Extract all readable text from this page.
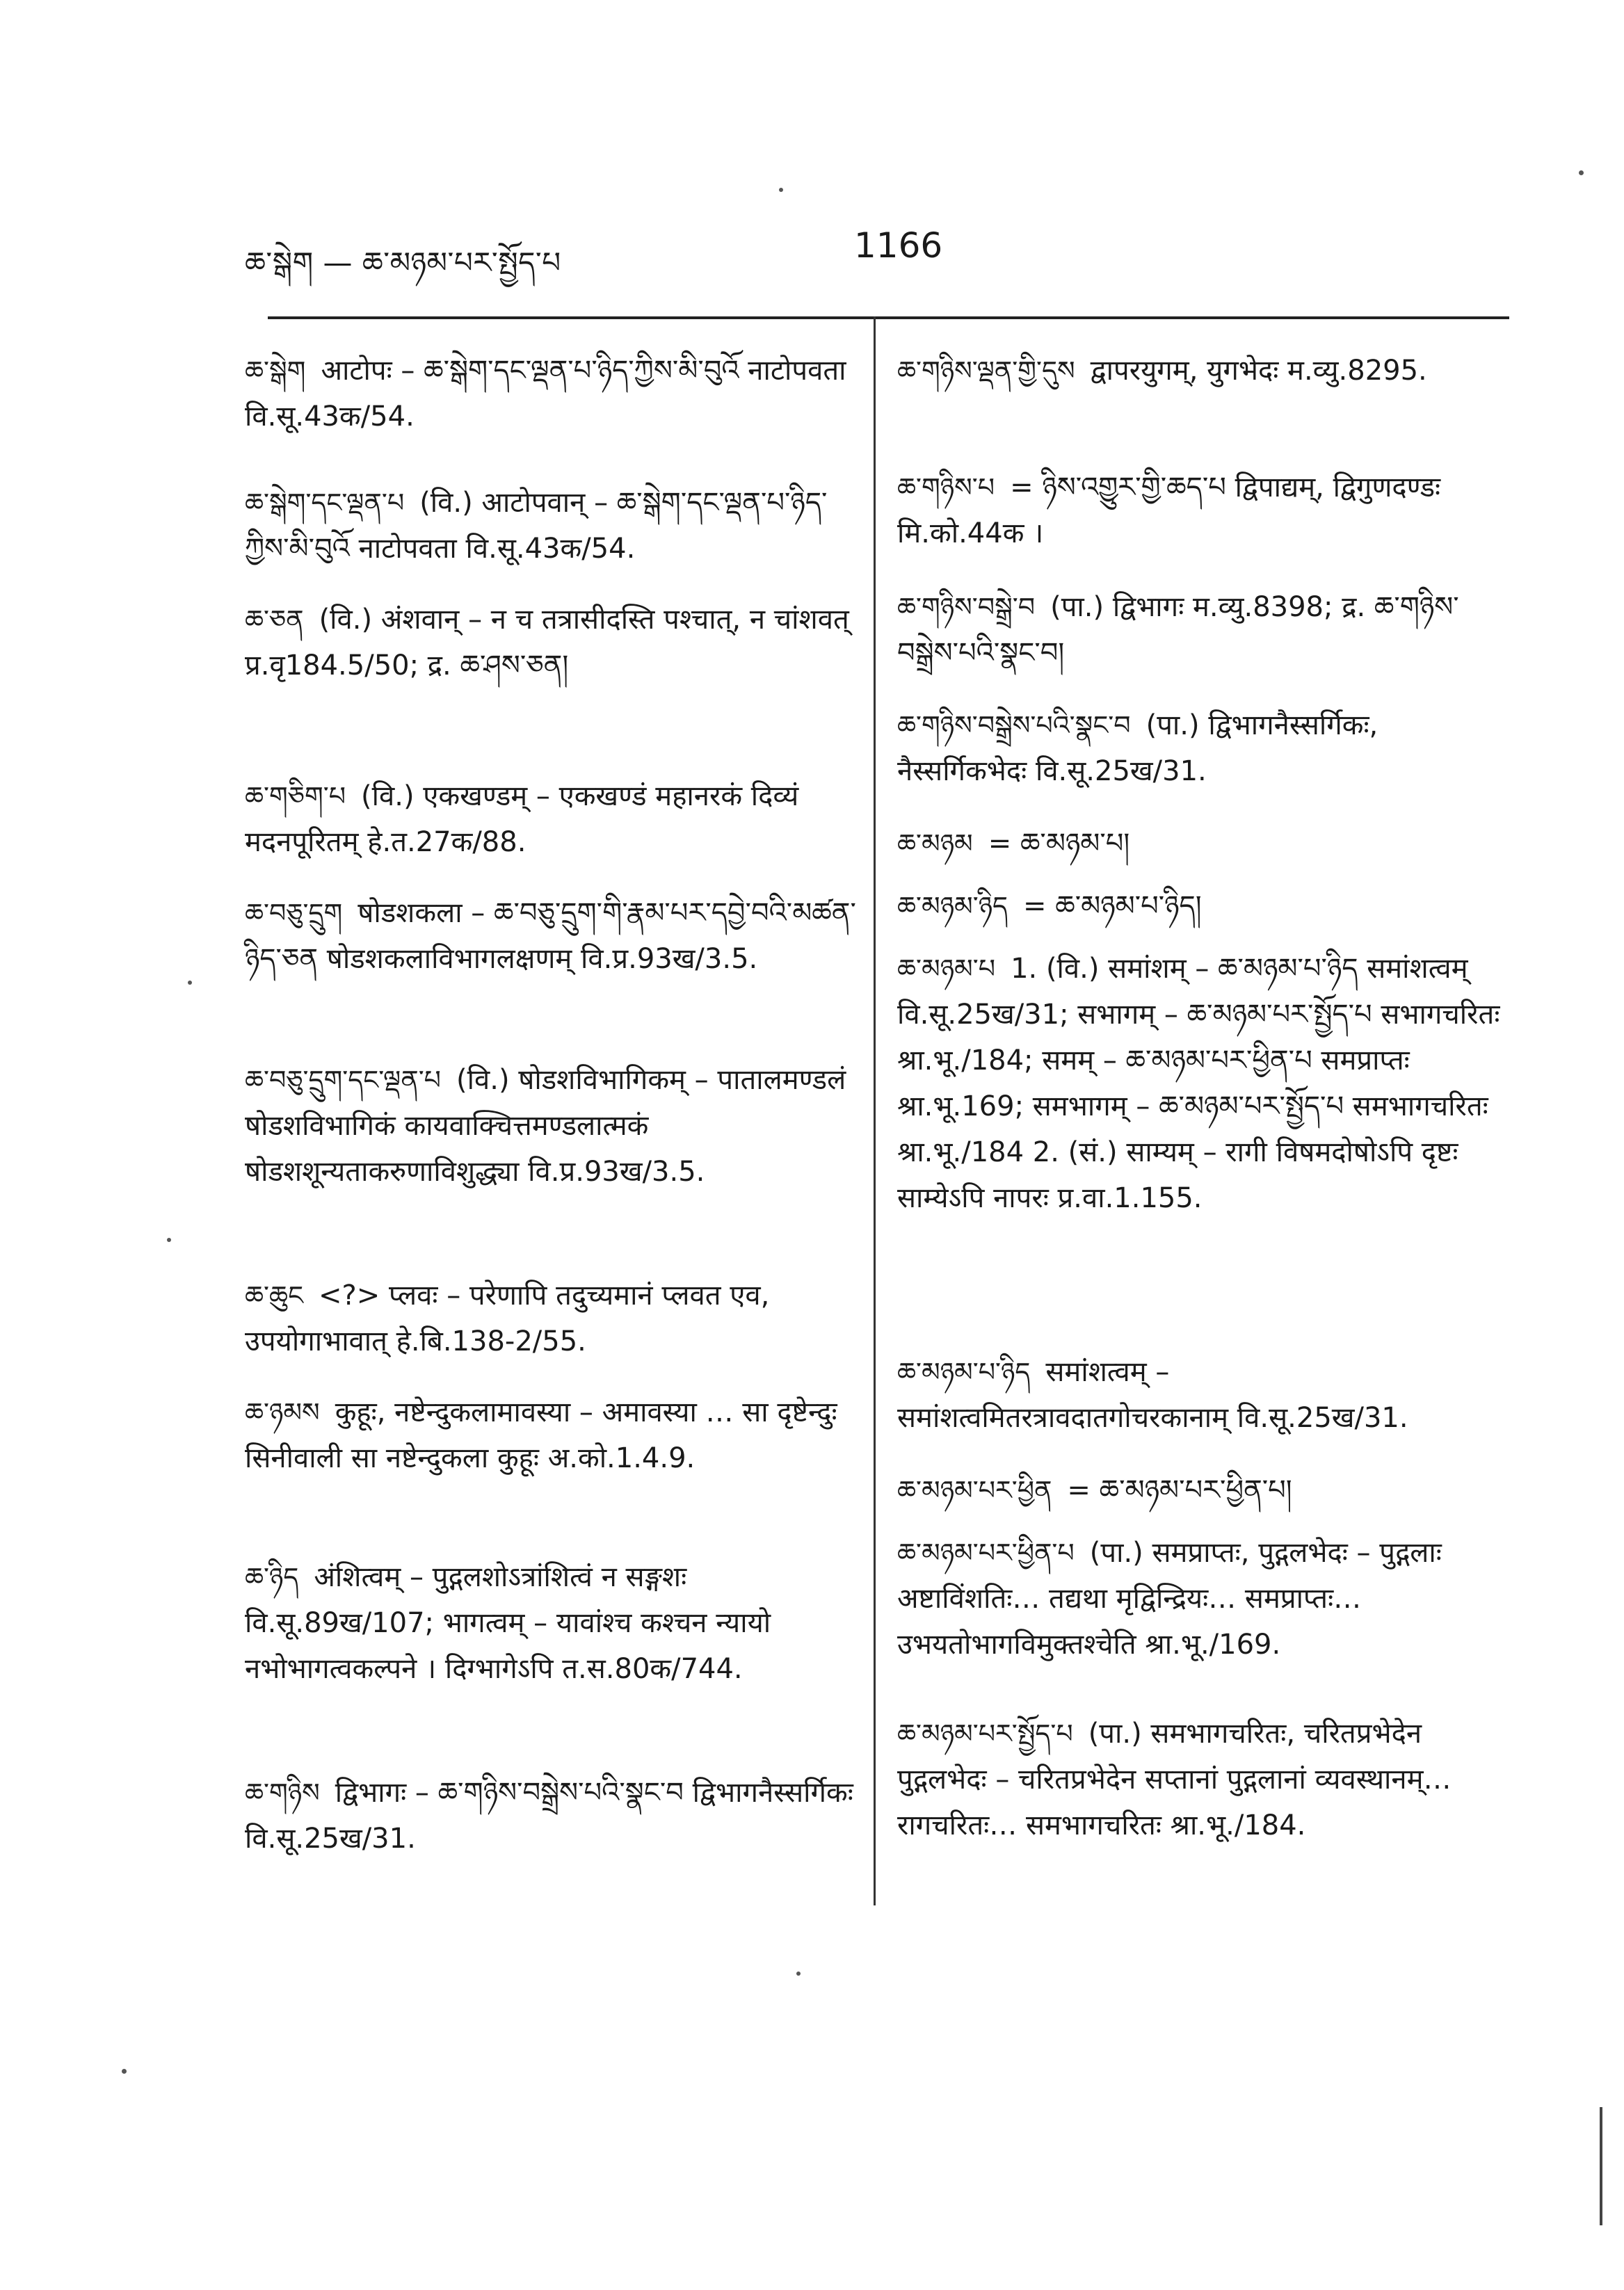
ཆ་སྒེག — ཆ་མཉམ་པར་སྤྱོད་པ	1166
ཆ་སྒེག आटोपः – ཆ་སྒེག་དང་ལྡན་པ་ཉིད་ཀྱིས་མི་བུའོ नाटोपवता वि.सू.43क/54.
ཆ་སྒེག་དང་ལྡན་པ (वि.) आटोपवान् – ཆ་སྒེག་དང་ལྡན་པ་ཉིད་ཀྱིས་མི་བུའོ नाटोपवता वि.सू.43क/54.
ཆ་ཅན (वि.) अंशवान् – न च तत्रासीदस्ति पश्चात्, न चांशवत् प्र.वृ184.5/50; द्र. ཆ་ཤས་ཅན།
ཆ་གཅིག་པ (वि.) एकखण्डम् – एकखण्डं महानरकं दिव्यं मदनपूरितम् हे.त.27क/88.
ཆ་བཅུ་དྲུག षोडशकला – ཆ་བཅུ་དྲུག་གི་རྣམ་པར་དབྱེ་བའི་མཚན་ཉིད་ཅན षोडशकलाविभागलक्षणम् वि.प्र.93ख/3.5.
ཆ་བཅུ་དྲུག་དང་ལྡན་པ (वि.) षोडशविभागिकम् – पातालमण्डलं षोडशविभागिकं कायवाक्चित्तमण्डलात्मकं षोडशशून्यताकरुणाविशुद्ध्या वि.प्र.93ख/3.5.
ཆ་ཆུང <?> प्लवः – परेणापि तदुच्यमानं प्लवत एव, उपयोगाभावात् हे.बि.138-2/55.
ཆ་ཉམས कुहूः, नष्टेन्दुकलामावस्या – अमावस्या … सा दृष्टेन्दुः सिनीवाली सा नष्टेन्दुकला कुहूः अ.को.1.4.9.
ཆ་ཉིད अंशित्वम् – पुद्गलशोऽत्रांशित्वं न सङ्गशः वि.सू.89ख/107; भागत्वम् – यावांश्च कश्चन न्यायो नभोभागत्वकल्पने । दिग्भागेऽपि त.स.80क/744.
ཆ་གཉིས द्विभागः – ཆ་གཉིས་བསྒྲེས་པའི་སྣང་བ द्विभागनैस्सर्गिकः वि.सू.25ख/31.
ཆ་གཉིས་ལྡན་གྱི་དུས द्वापरयुगम्, युगभेदः म.व्यु.8295.
ཆ་གཉིས་པ = ཉིས་འགྱུར་གྱི་ཆད་པ द्विपाद्यम्, द्विगुणदण्डः मि.को.44क ।
ཆ་གཉིས་བསྒྲེ་བ (पा.) द्विभागः म.व्यु.8398; द्र. ཆ་གཉིས་བསྒྲེས་པའི་སྣང་བ།
ཆ་གཉིས་བསྒྲེས་པའི་སྣང་བ (पा.) द्विभागनैस्सर्गिकः, नैस्सर्गिकभेदः वि.सू.25ख/31.
ཆ་མཉམ = ཆ་མཉམ་པ།
ཆ་མཉམ་ཉིད = ཆ་མཉམ་པ་ཉིད།
ཆ་མཉམ་པ 1. (वि.) समांशम् – ཆ་མཉམ་པ་ཉིད समांशत्वम् वि.सू.25ख/31; सभागम् – ཆ་མཉམ་པར་སྤྱོད་པ सभागचरितः श्रा.भू./184; समम् – ཆ་མཉམ་པར་ཕྱིན་པ समप्राप्तः श्रा.भू.169; समभागम् – ཆ་མཉམ་པར་སྤྱོད་པ समभागचरितः श्रा.भू./184 2. (सं.) साम्यम् – रागी विषमदोषोऽपि दृष्टः साम्येऽपि नापरः प्र.वा.1.155.
ཆ་མཉམ་པ་ཉིད समांशत्वम् – समांशत्वमितरत्रावदातगोचरकानाम् वि.सू.25ख/31.
ཆ་མཉམ་པར་ཕྱིན = ཆ་མཉམ་པར་ཕྱིན་པ།
ཆ་མཉམ་པར་ཕྱིན་པ (पा.) समप्राप्तः, पुद्गलभेदः – पुद्गलाः अष्टाविंशतिः… तद्यथा मृद्विन्द्रियः… समप्राप्तः… उभयतोभागविमुक्तश्चेति श्रा.भू./169.
ཆ་མཉམ་པར་སྤྱོད་པ (पा.) समभागचरितः, चरितप्रभेदेन पुद्गलभेदः – चरितप्रभेदेन सप्तानां पुद्गलानां व्यवस्थानम्… रागचरितः… समभागचरितः श्रा.भू./184.
